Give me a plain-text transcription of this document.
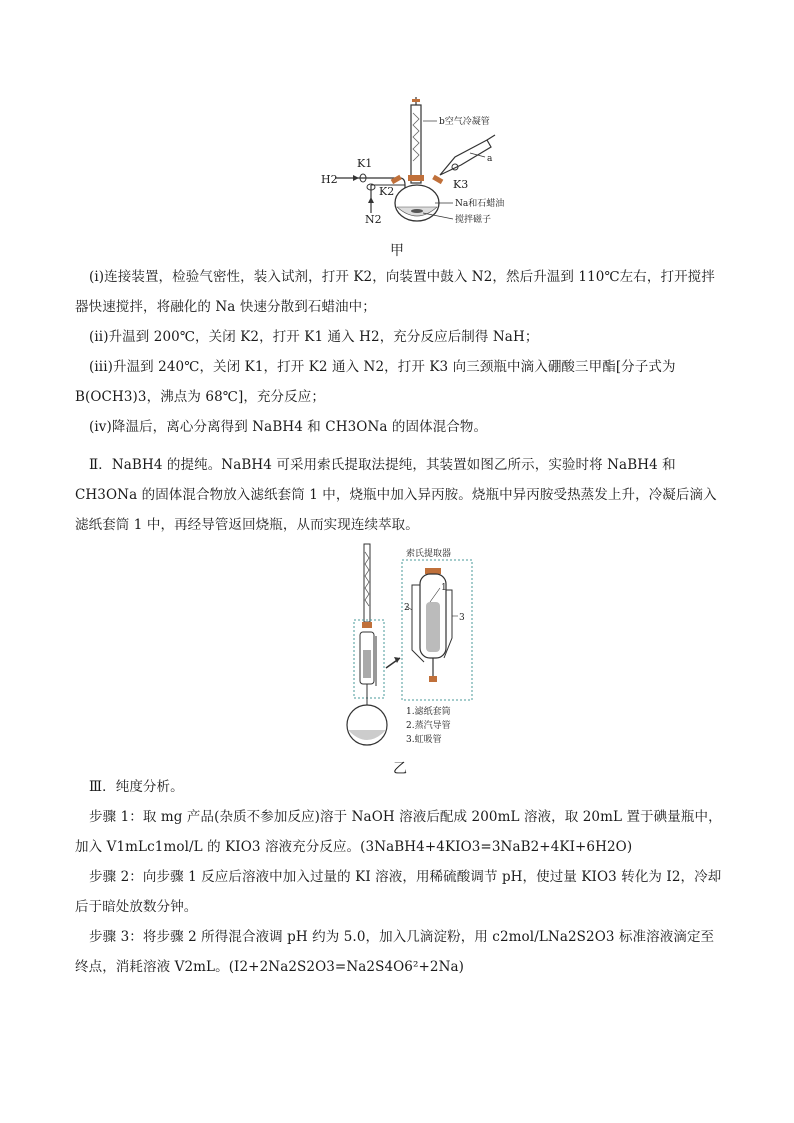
H2
K1
K2
K3
N2
b空气冷凝管
a
Na和石蜡油
搅拌磁子
甲

(i)连接装置，检验气密性，装入试剂，打开 K2，向装置中鼓入 N2，然后升温到 110℃左右，打开搅拌器快速搅拌，将融化的 Na 快速分散到石蜡油中；

(ii)升温到 200℃，关闭 K2，打开 K1 通入 H2，充分反应后制得 NaH；

(iii)升温到 240℃，关闭 K1，打开 K2 通入 N2，打开 K3 向三颈瓶中滴入硼酸三甲酯[分子式为 B(OCH3)3，沸点为 68℃]，充分反应；

(iv)降温后，离心分离得到 NaBH4 和 CH3ONa 的固体混合物。

Ⅱ．NaBH4 的提纯。NaBH4 可采用索氏提取法提纯，其装置如图乙所示，实验时将 NaBH4 和 CH3ONa 的固体混合物放入滤纸套筒 1 中，烧瓶中加入异丙胺。烧瓶中异丙胺受热蒸发上升，冷凝后滴入滤纸套筒 1 中，再经导管返回烧瓶，从而实现连续萃取。

索氏提取器
1
2
3
1.滤纸套筒
2.蒸汽导管
3.虹吸管
乙

Ⅲ．纯度分析。

步骤 1：取 mg 产品(杂质不参加反应)溶于 NaOH 溶液后配成 200mL 溶液，取 20mL 置于碘量瓶中，加入 V1mLc1mol/L 的 KIO3 溶液充分反应。(3NaBH4+4KIO3=3NaB2+4KI+6H2O)

步骤 2：向步骤 1 反应后溶液中加入过量的 KI 溶液，用稀硫酸调节 pH，使过量 KIO3 转化为 I2，冷却后于暗处放数分钟。

步骤 3：将步骤 2 所得混合液调 pH 约为 5.0，加入几滴淀粉，用 c2mol/LNa2S2O3 标准溶液滴定至终点，消耗溶液 V2mL。(I2+2Na2S2O3=Na2S4O6²+2Na)
